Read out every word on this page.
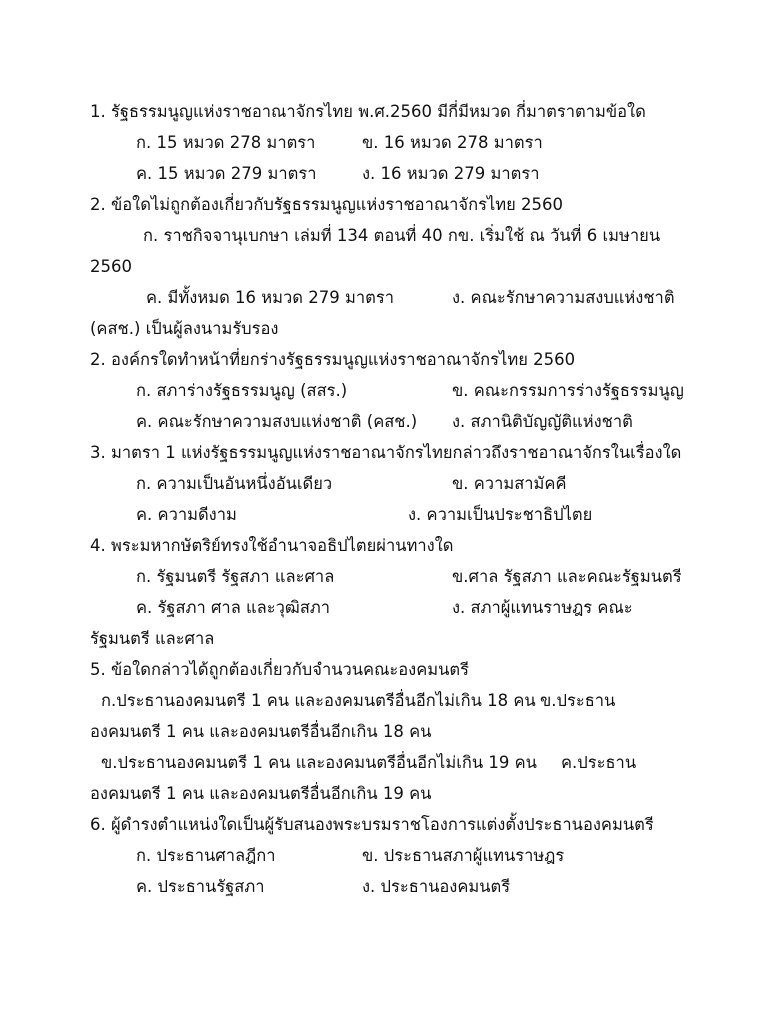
1. รัฐธรรมนูญแห่งราชอาณาจักรไทย พ.ศ.2560 มีกี่มีหมวด กี่มาตราตามข้อใด
ก. 15 หมวด 278 มาตรา	ข. 16 หมวด 278 มาตรา
ค. 15 หมวด 279 มาตรา	ง. 16 หมวด 279 มาตรา
2. ข้อใดไม่ถูกต้องเกี่ยวกับรัฐธรรมนูญแห่งราชอาณาจักรไทย 2560
ก. ราชกิจจานุเบกษา เล่มที่ 134 ตอนที่ 40 กข. เริ่มใช้ ณ วันที่ 6 เมษายน
2560
ค. มีทั้งหมด 16 หมวด 279 มาตรา	ง. คณะรักษาความสงบแห่งชาติ
(คสช.) เป็นผู้ลงนามรับรอง
2. องค์กรใดทำหน้าที่ยกร่างรัฐธรรมนูญแห่งราชอาณาจักรไทย 2560
ก. สภาร่างรัฐธรรมนูญ (สสร.)	ข. คณะกรรมการร่างรัฐธรรมนูญ
ค. คณะรักษาความสงบแห่งชาติ (คสช.) ง. สภานิติบัญญัติแห่งชาติ
3. มาตรา 1 แห่งรัฐธรรมนูญแห่งราชอาณาจักรไทยกล่าวถึงราชอาณาจักรในเรื่องใด
ก. ความเป็นอันหนึ่งอันเดียว	ข. ความสามัคคี
ค. ความดีงาม	ง. ความเป็นประชาธิปไตย
4. พระมหากษัตริย์ทรงใช้อำนาจอธิปไตยผ่านทางใด
ก. รัฐมนตรี รัฐสภา และศาล	ข.ศาล รัฐสภา และคณะรัฐมนตรี
ค. รัฐสภา ศาล และวุฒิสภา	ง. สภาผู้แทนราษฎร คณะ
รัฐมนตรี และศาล
5. ข้อใดกล่าวได้ถูกต้องเกี่ยวกับจำนวนคณะองคมนตรี
ก.ประธานองคมนตรี 1 คน และองคมนตรีอื่นอีกไม่เกิน 18 คน ข.ประธาน
องคมนตรี 1 คน และองคมนตรีอื่นอีกเกิน 18 คน
ข.ประธานองคมนตรี 1 คน และองคมนตรีอื่นอีกไม่เกิน 19 คน ค.ประธาน
องคมนตรี 1 คน และองคมนตรีอื่นอีกเกิน 19 คน
6. ผู้ดำรงตำแหน่งใดเป็นผู้รับสนองพระบรมราชโองการแต่งตั้งประธานองคมนตรี
ก. ประธานศาลฎีกา	ข. ประธานสภาผู้แทนราษฎร
ค. ประธานรัฐสภา	ง. ประธานองคมนตรี
